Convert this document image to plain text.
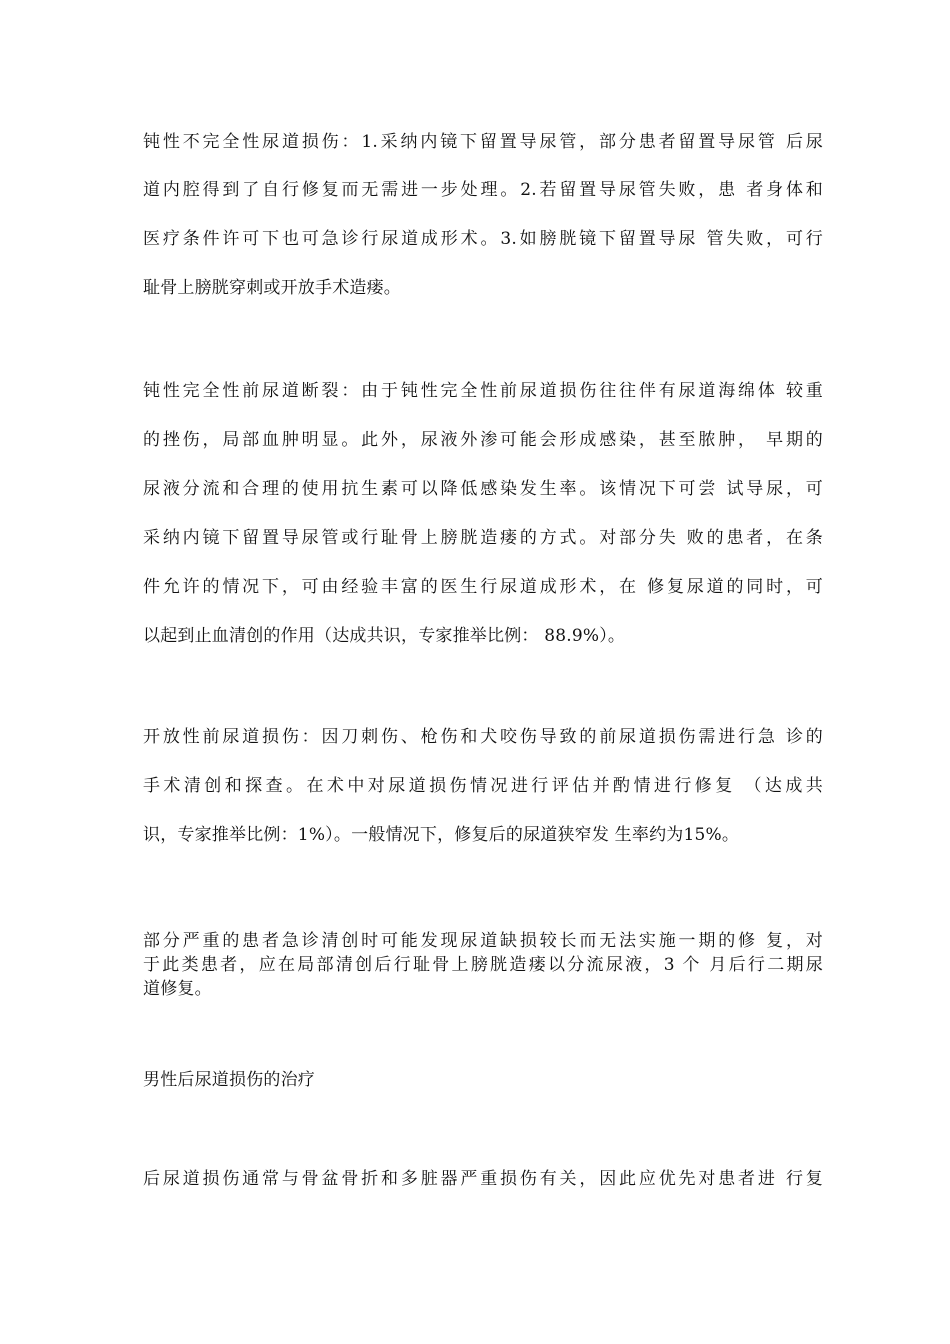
钝性不完全性尿道损伤：1.采纳内镜下留置导尿管，部分患者留置导尿管 后尿
道内腔得到了自行修复而无需进一步处理。2.若留置导尿管失败，患 者身体和
医疗条件许可下也可急诊行尿道成形术。3.如膀胱镜下留置导尿 管失败，可行
耻骨上膀胱穿刺或开放手术造瘘。
钝性完全性前尿道断裂：由于钝性完全性前尿道损伤往往伴有尿道海绵体 较重
的挫伤，局部血肿明显。此外，尿液外渗可能会形成感染，甚至脓肿， 早期的
尿液分流和合理的使用抗生素可以降低感染发生率。该情况下可尝 试导尿，可
采纳内镜下留置导尿管或行耻骨上膀胱造瘘的方式。对部分失 败的患者，在条
件允许的情况下，可由经验丰富的医生行尿道成形术，在 修复尿道的同时，可
以起到止血清创的作用（达成共识，专家推举比例： 88.9%）。
开放性前尿道损伤：因刀刺伤、枪伤和犬咬伤导致的前尿道损伤需进行急 诊的
手术清创和探查。在术中对尿道损伤情况进行评估并酌情进行修复 （达成共
识，专家推举比例：1%）。一般情况下，修复后的尿道狭窄发 生率约为15%。
部分严重的患者急诊清创时可能发现尿道缺损较长而无法实施一期的修 复，对
于此类患者，应在局部清创后行耻骨上膀胱造瘘以分流尿液，3 个 月后行二期尿
道修复。
男性后尿道损伤的治疗
后尿道损伤通常与骨盆骨折和多脏器严重损伤有关，因此应优先对患者进 行复
